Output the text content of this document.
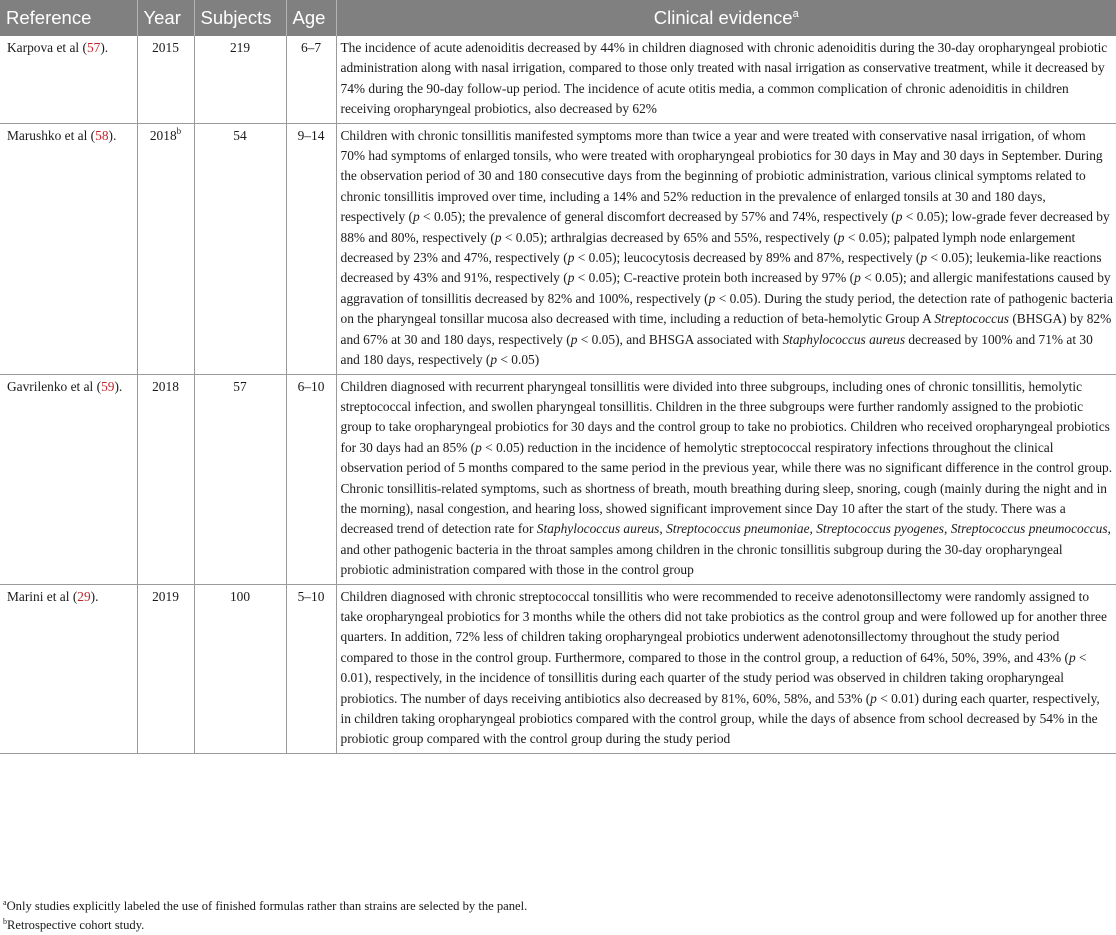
Reference	Year	Subjects	Age	Clinical evidence$^a$
Karpova et al (57).	2015	219	6–7	The incidence of acute adenoiditis decreased by 44% in children diagnosed with chronic adenoiditis during the 30-day oropharyngeal probiotic administration along with nasal irrigation, compared to those only treated with nasal irrigation as conservative treatment, while it decreased by 74% during the 90-day follow-up period. The incidence of acute otitis media, a common complication of chronic adenoiditis in children receiving oropharyngeal probiotics, also decreased by 62%
Marushko et al (58).	2018$^b$	54	9–14	Children with chronic tonsillitis manifested symptoms more than twice a year and were treated with conservative nasal irrigation, of whom 70% had symptoms of enlarged tonsils, who were treated with oropharyngeal probiotics for 30 days in May and 30 days in September. During the observation period of 30 and 180 consecutive days from the beginning of probiotic administration, various clinical symptoms related to chronic tonsillitis improved over time, including a 14% and 52% reduction in the prevalence of enlarged tonsils at 30 and 180 days, respectively (p < 0.05); the prevalence of general discomfort decreased by 57% and 74%, respectively (p < 0.05); low-grade fever decreased by 88% and 80%, respectively (p < 0.05); arthralgias decreased by 65% and 55%, respectively (p < 0.05); palpated lymph node enlargement decreased by 23% and 47%, respectively (p < 0.05); leucocytosis decreased by 89% and 87%, respectively (p < 0.05); leukemia-like reactions decreased by 43% and 91%, respectively (p < 0.05); C-reactive protein both increased by 97% (p < 0.05); and allergic manifestations caused by aggravation of tonsillitis decreased by 82% and 100%, respectively (p < 0.05). During the study period, the detection rate of pathogenic bacteria on the pharyngeal tonsillar mucosa also decreased with time, including a reduction of beta-hemolytic Group A Streptococcus (BHSGA) by 82% and 67% at 30 and 180 days, respectively (p < 0.05), and BHSGA associated with Staphylococcus aureus decreased by 100% and 71% at 30 and 180 days, respectively (p < 0.05)
Gavrilenko et al (59).	2018	57	6–10	Children diagnosed with recurrent pharyngeal tonsillitis were divided into three subgroups, including ones of chronic tonsillitis, hemolytic streptococcal infection, and swollen pharyngeal tonsillitis. Children in the three subgroups were further randomly assigned to the probiotic group to take oropharyngeal probiotics for 30 days and the control group to take no probiotics. Children who received oropharyngeal probiotics for 30 days had an 85% (p < 0.05) reduction in the incidence of hemolytic streptococcal respiratory infections throughout the clinical observation period of 5 months compared to the same period in the previous year, while there was no significant difference in the control group. Chronic tonsillitis-related symptoms, such as shortness of breath, mouth breathing during sleep, snoring, cough (mainly during the night and in the morning), nasal congestion, and hearing loss, showed significant improvement since Day 10 after the start of the study. There was a decreased trend of detection rate for Staphylococcus aureus, Streptococcus pneumoniae, Streptococcus pyogenes, Streptococcus pneumococcus, and other pathogenic bacteria in the throat samples among children in the chronic tonsillitis subgroup during the 30-day oropharyngeal probiotic administration compared with those in the control group
Marini et al (29).	2019	100	5–10	Children diagnosed with chronic streptococcal tonsillitis who were recommended to receive adenotonsillectomy were randomly assigned to take oropharyngeal probiotics for 3 months while the others did not take probiotics as the control group and were followed up for another three quarters. In addition, 72% less of children taking oropharyngeal probiotics underwent adenotonsillectomy throughout the study period compared to those in the control group. Furthermore, compared to those in the control group, a reduction of 64%, 50%, 39%, and 43% (p < 0.01), respectively, in the incidence of tonsillitis during each quarter of the study period was observed in children taking oropharyngeal probiotics. The number of days receiving antibiotics also decreased by 81%, 60%, 58%, and 53% (p < 0.01) during each quarter, respectively, in children taking oropharyngeal probiotics compared with the control group, while the days of absence from school decreased by 54% in the probiotic group compared with the control group during the study period

$^a$Only studies explicitly labeled the use of finished formulas rather than strains are selected by the panel.

$^b$Retrospective cohort study.
